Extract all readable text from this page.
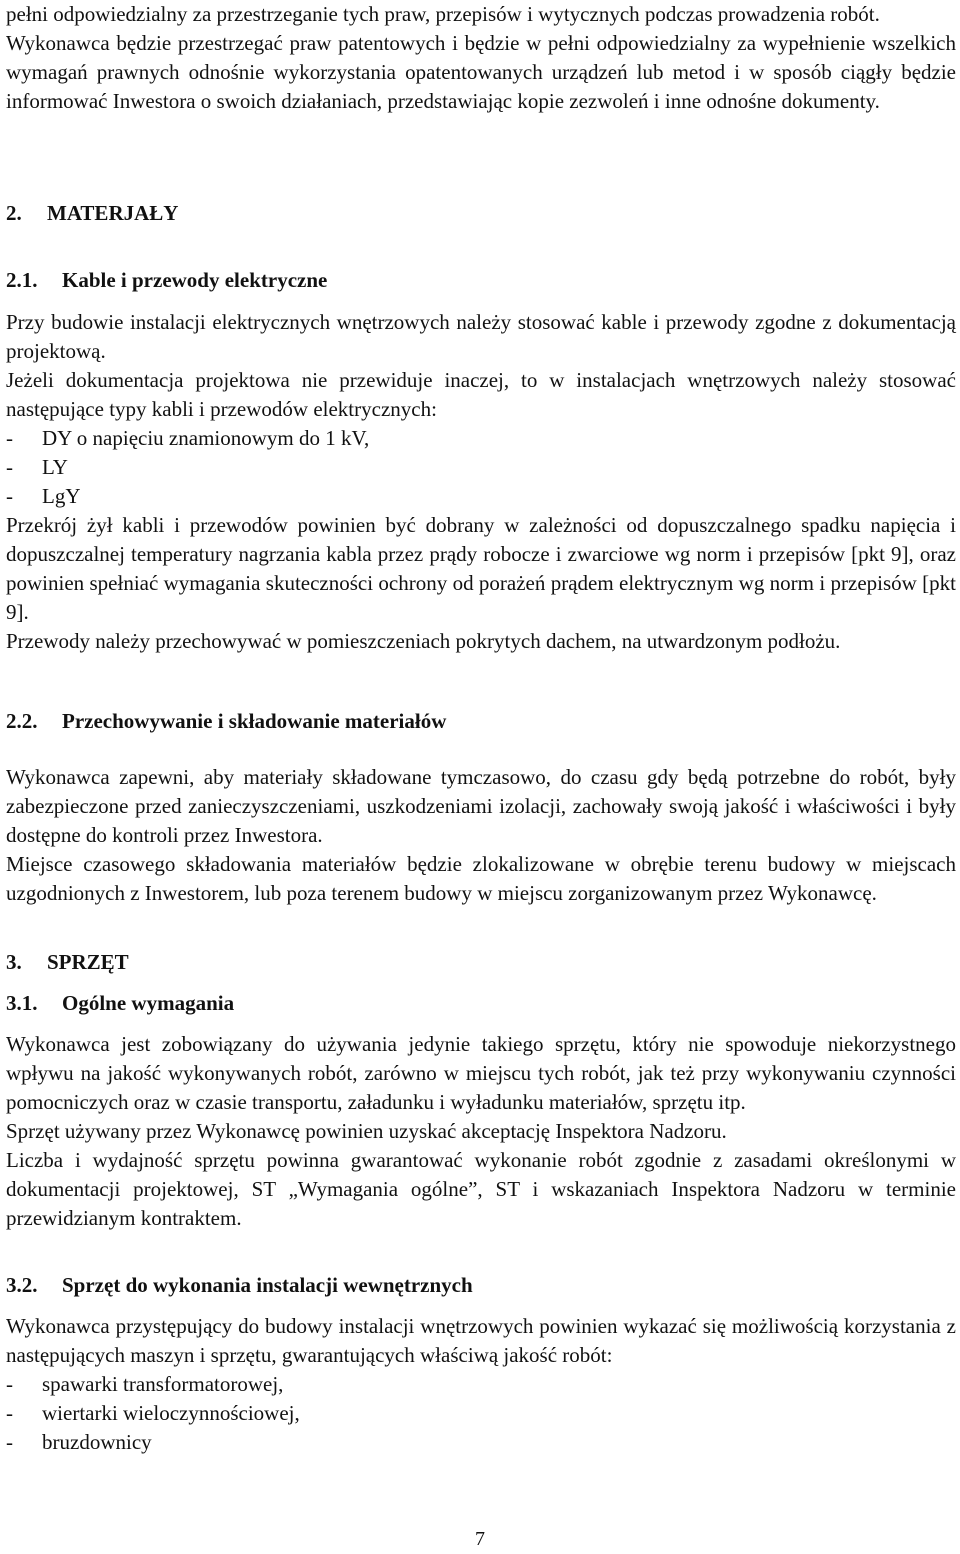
pełni odpowiedzialny za przestrzeganie tych praw, przepisów i wytycznych podczas prowadzenia robót.

Wykonawca będzie przestrzegać praw patentowych i będzie w pełni odpowiedzialny za wypełnienie wszelkich wymagań prawnych odnośnie wykorzystania opatentowanych urządzeń lub metod i w sposób ciągły będzie informować Inwestora o swoich działaniach, przedstawiając kopie zezwoleń i inne odnośne dokumenty.

2. MATERJAŁY
2.1. Kable i przewody elektryczne

Przy budowie instalacji elektrycznych wnętrzowych należy stosować kable i przewody zgodne z dokumentacją projektową.

Jeżeli dokumentacja projektowa nie przewiduje inaczej, to w instalacjach wnętrzowych należy stosować następujące typy kabli i przewodów elektrycznych:

-	DY o napięciu znamionowym do 1 kV,
-	LY
-	LgY

Przekrój żył kabli i przewodów powinien być dobrany w zależności od dopuszczalnego spadku napięcia i dopuszczalnej temperatury nagrzania kabla przez prądy robocze i zwarciowe wg norm i przepisów [pkt 9], oraz powinien spełniać wymagania skuteczności ochrony od porażeń prądem elektrycznym wg norm i przepisów [pkt 9].

Przewody należy przechowywać w pomieszczeniach pokrytych dachem, na utwardzonym podłożu.

2.2. Przechowywanie i składowanie materiałów

Wykonawca zapewni, aby materiały składowane tymczasowo, do czasu gdy będą potrzebne do robót, były zabezpieczone przed zanieczyszczeniami, uszkodzeniami izolacji, zachowały swoją jakość i właściwości i były dostępne do kontroli przez Inwestora.

Miejsce czasowego składowania materiałów będzie zlokalizowane w obrębie terenu budowy w miejscach uzgodnionych z Inwestorem, lub poza terenem budowy w miejscu zorganizowanym przez Wykonawcę.

3. SPRZĘT
3.1. Ogólne wymagania

Wykonawca jest zobowiązany do używania jedynie takiego sprzętu, który nie spowoduje niekorzystnego wpływu na jakość wykonywanych robót, zarówno w miejscu tych robót, jak też przy wykonywaniu czynności pomocniczych oraz w czasie transportu, załadunku i wyładunku materiałów, sprzętu itp.

Sprzęt używany przez Wykonawcę powinien uzyskać akceptację Inspektora Nadzoru.

Liczba i wydajność sprzętu powinna gwarantować wykonanie robót zgodnie z zasadami określonymi w dokumentacji projektowej, ST „Wymagania ogólne”, ST i wskazaniach Inspektora Nadzoru w terminie przewidzianym kontraktem.

3.2. Sprzęt do wykonania instalacji wewnętrznych

Wykonawca przystępujący do budowy instalacji wnętrzowych powinien wykazać się możliwością korzystania z następujących maszyn i sprzętu, gwarantujących właściwą jakość robót:

-	spawarki transformatorowej,
-	wiertarki wieloczynnościowej,
-	bruzdownicy
7
